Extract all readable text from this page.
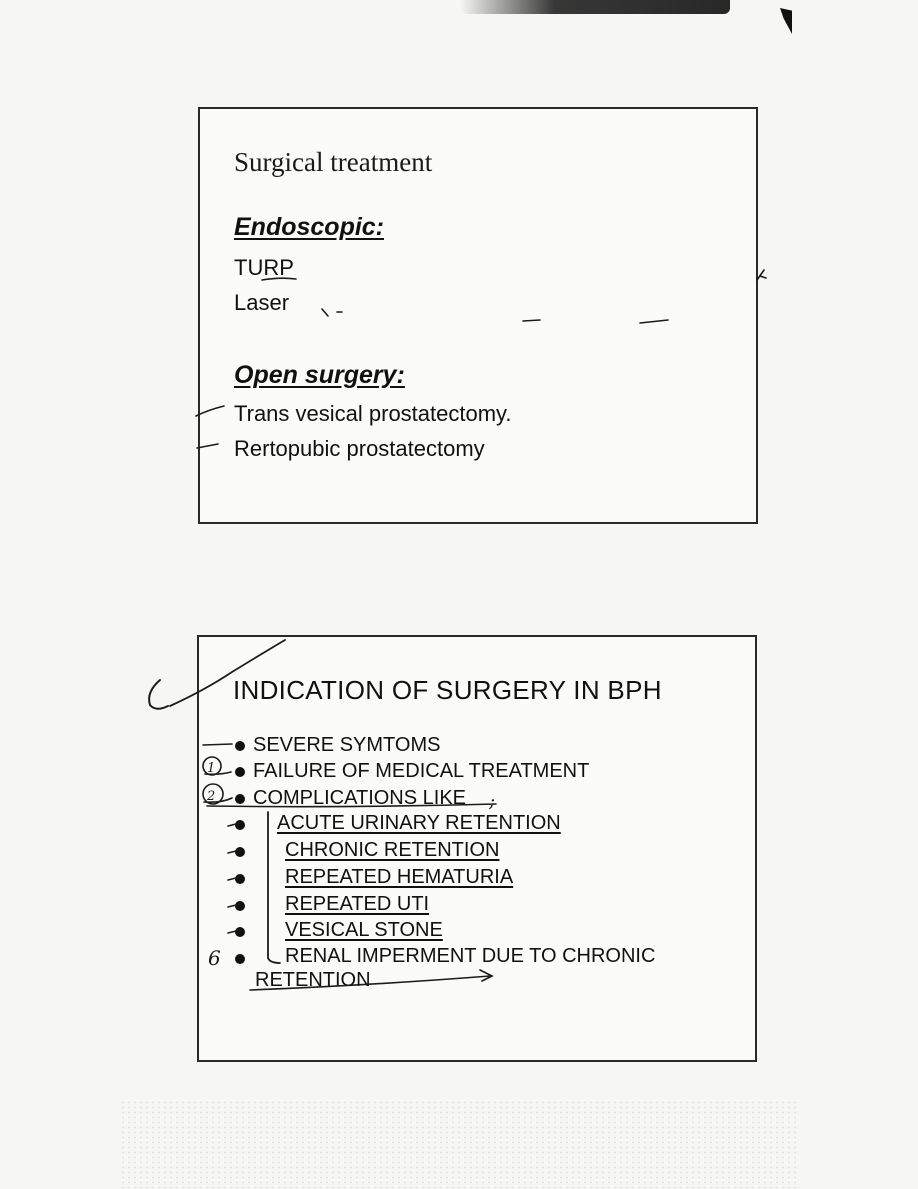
Surgical treatment
Endoscopic:
TURP
Laser
Open surgery:
Trans vesical prostatectomy.
Rertopubic prostatectomy
INDICATION OF SURGERY IN BPH
SEVERE SYMTOMS
FAILURE OF MEDICAL TREATMENT
COMPLICATIONS LIKE
ACUTE URINARY RETENTION
CHRONIC RETENTION
REPEATED HEMATURIA
REPEATED UTI
VESICAL STONE
RENAL IMPERMENT DUE TO CHRONIC
RETENTION
1
2
6
;
